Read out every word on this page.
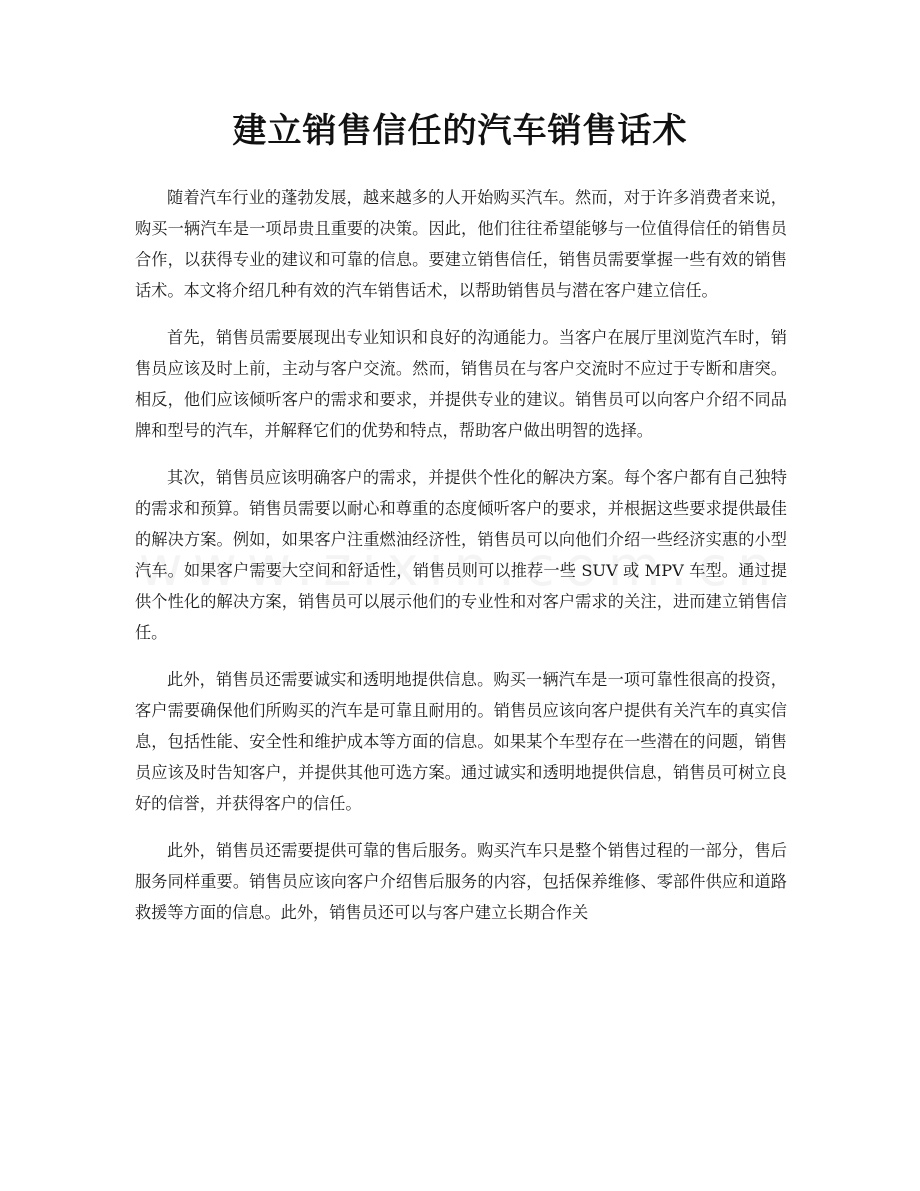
建立销售信任的汽车销售话术

随着汽车行业的蓬勃发展，越来越多的人开始购买汽车。然而，对于许多消费者来说，购买一辆汽车是一项昂贵且重要的决策。因此，他们往往希望能够与一位值得信任的销售员合作，以获得专业的建议和可靠的信息。要建立销售信任，销售员需要掌握一些有效的销售话术。本文将介绍几种有效的汽车销售话术，以帮助销售员与潜在客户建立信任。

首先，销售员需要展现出专业知识和良好的沟通能力。当客户在展厅里浏览汽车时，销售员应该及时上前，主动与客户交流。然而，销售员在与客户交流时不应过于专断和唐突。相反，他们应该倾听客户的需求和要求，并提供专业的建议。销售员可以向客户介绍不同品牌和型号的汽车，并解释它们的优势和特点，帮助客户做出明智的选择。

其次，销售员应该明确客户的需求，并提供个性化的解决方案。每个客户都有自己独特的需求和预算。销售员需要以耐心和尊重的态度倾听客户的要求，并根据这些要求提供最佳的解决方案。例如，如果客户注重燃油经济性，销售员可以向他们介绍一些经济实惠的小型汽车。如果客户需要大空间和舒适性，销售员则可以推荐一些 SUV 或 MPV 车型。通过提供个性化的解决方案，销售员可以展示他们的专业性和对客户需求的关注，进而建立销售信任。

此外，销售员还需要诚实和透明地提供信息。购买一辆汽车是一项可靠性很高的投资，客户需要确保他们所购买的汽车是可靠且耐用的。销售员应该向客户提供有关汽车的真实信息，包括性能、安全性和维护成本等方面的信息。如果某个车型存在一些潜在的问题，销售员应该及时告知客户，并提供其他可选方案。通过诚实和透明地提供信息，销售员可树立良好的信誉，并获得客户的信任。

此外，销售员还需要提供可靠的售后服务。购买汽车只是整个销售过程的一部分，售后服务同样重要。销售员应该向客户介绍售后服务的内容，包括保养维修、零部件供应和道路救援等方面的信息。此外，销售员还可以与客户建立长期合作关
